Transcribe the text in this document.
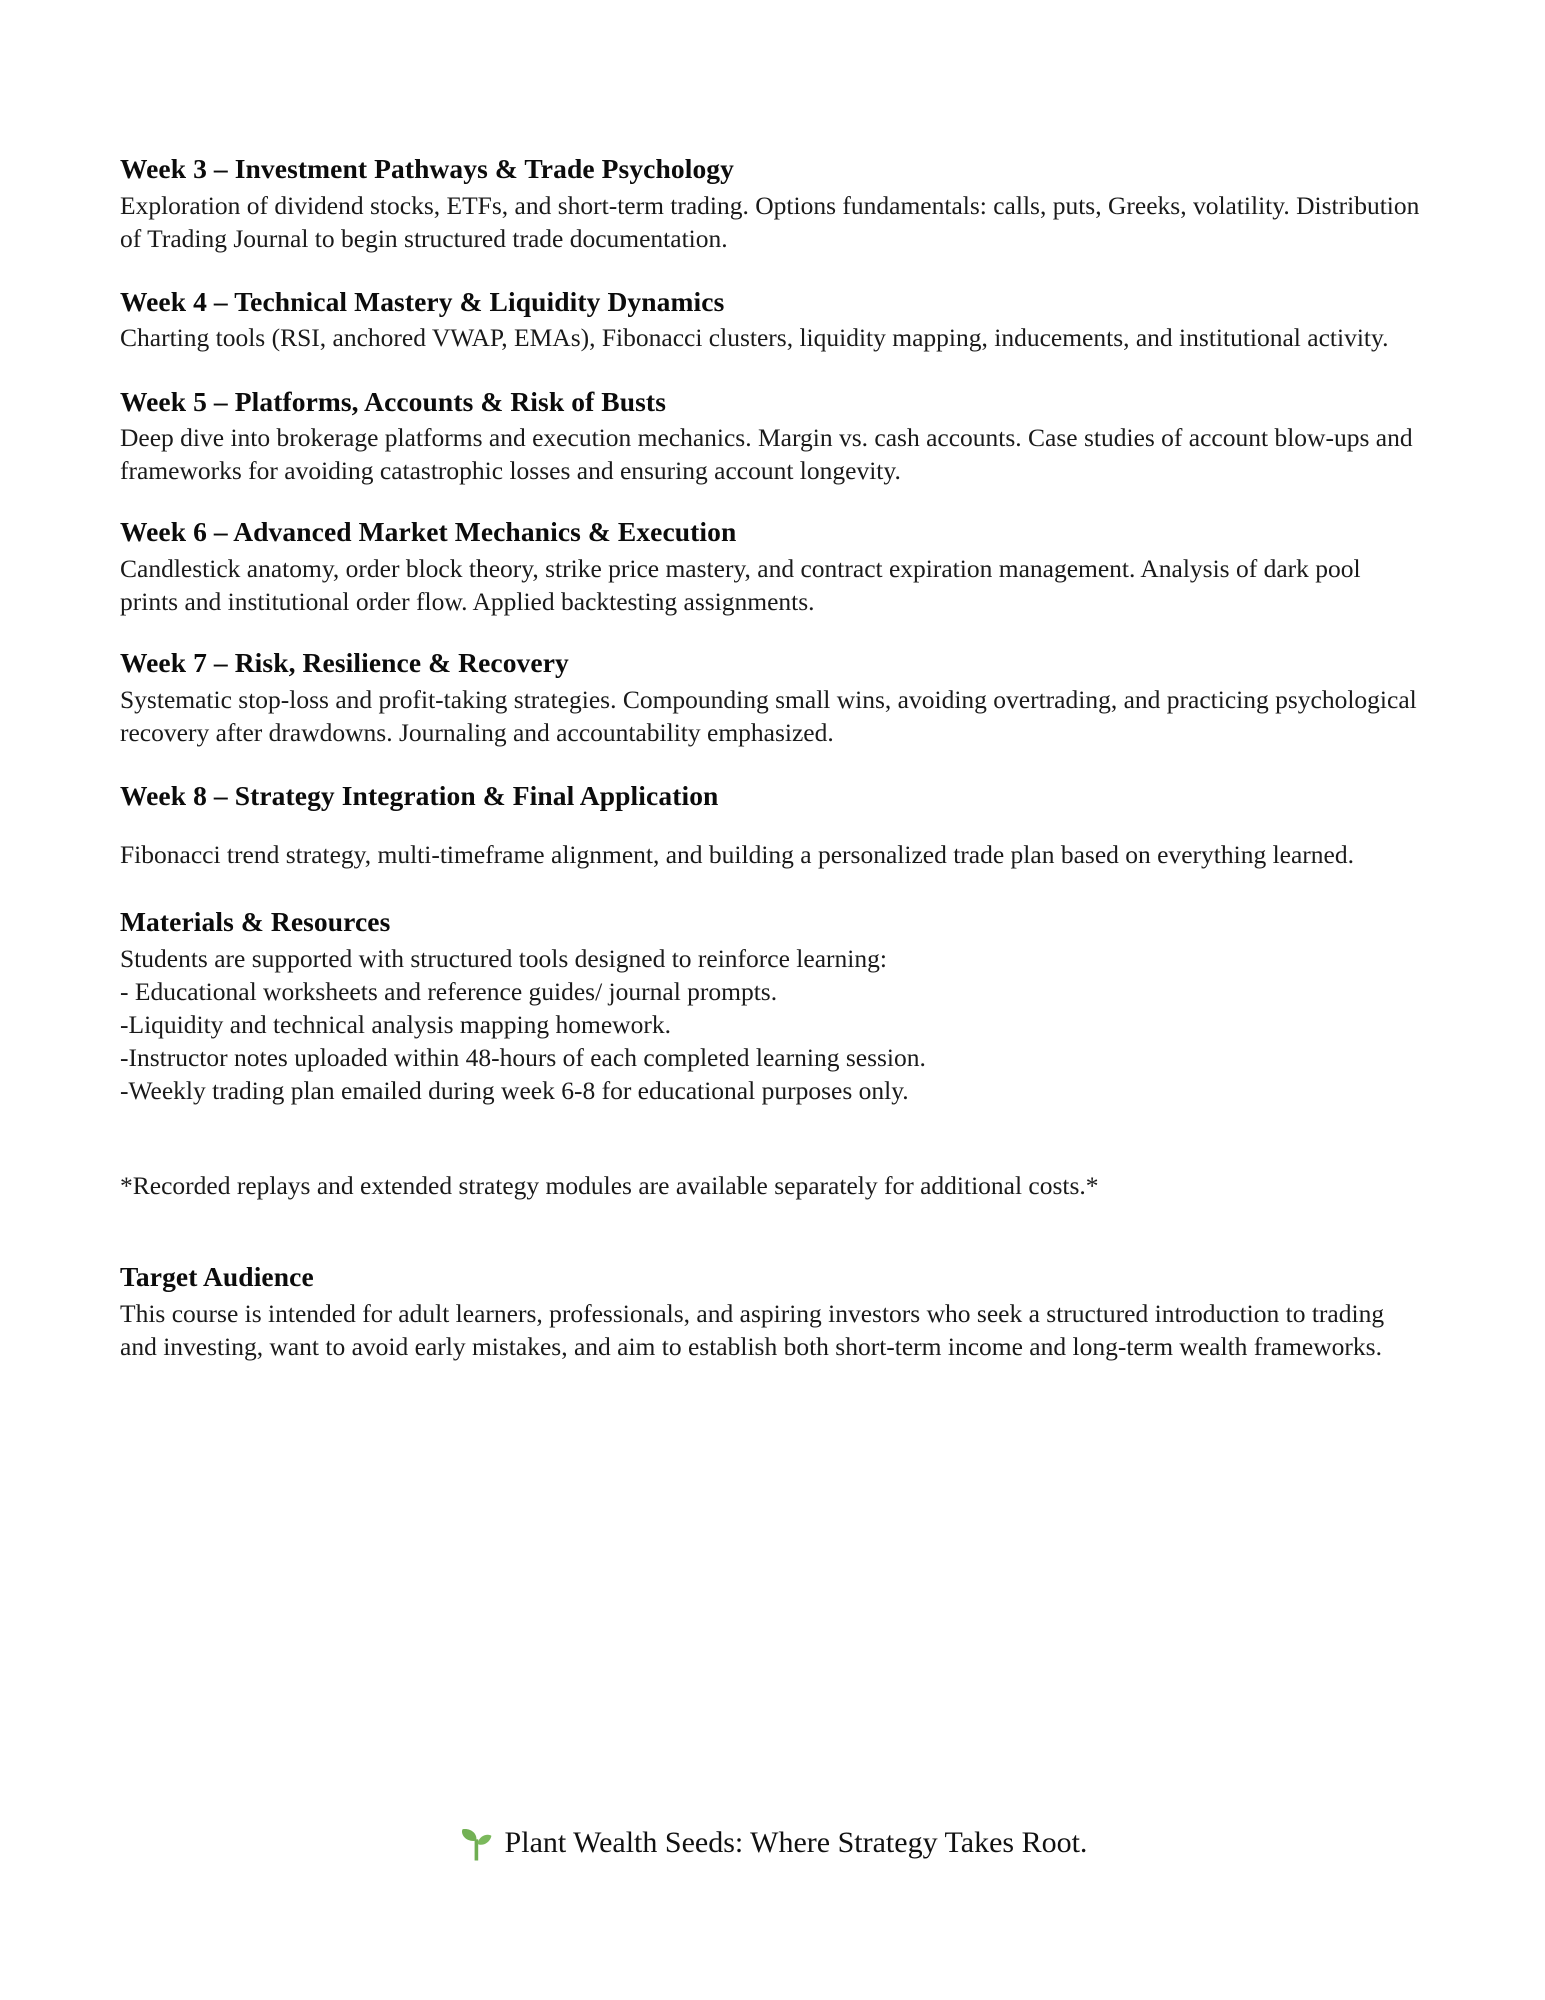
Week 3 – Investment Pathways & Trade Psychology

Exploration of dividend stocks, ETFs, and short-term trading. Options fundamentals: calls, puts, Greeks, volatility. Distribution of Trading Journal to begin structured trade documentation.

Week 4 – Technical Mastery & Liquidity Dynamics

Charting tools (RSI, anchored VWAP, EMAs), Fibonacci clusters, liquidity mapping, inducements, and institutional activity.

Week 5 – Platforms, Accounts & Risk of Busts

Deep dive into brokerage platforms and execution mechanics. Margin vs. cash accounts. Case studies of account blow-ups and frameworks for avoiding catastrophic losses and ensuring account longevity.

Week 6 – Advanced Market Mechanics & Execution

Candlestick anatomy, order block theory, strike price mastery, and contract expiration management. Analysis of dark pool prints and institutional order flow. Applied backtesting assignments.

Week 7 – Risk, Resilience & Recovery

Systematic stop-loss and profit-taking strategies. Compounding small wins, avoiding overtrading, and practicing psychological recovery after drawdowns. Journaling and accountability emphasized.

Week 8 – Strategy Integration & Final Application

Fibonacci trend strategy, multi-timeframe alignment, and building a personalized trade plan based on everything learned.

Materials & Resources

Students are supported with structured tools designed to reinforce learning:

- Educational worksheets and reference guides/ journal prompts.
-Liquidity and technical analysis mapping homework.
-Instructor notes uploaded within 48-hours of each completed learning session.
-Weekly trading plan emailed during week 6-8 for educational purposes only.

*Recorded replays and extended strategy modules are available separately for additional costs.*

Target Audience

This course is intended for adult learners, professionals, and aspiring investors who seek a structured introduction to trading and investing, want to avoid early mistakes, and aim to establish both short-term income and long-term wealth frameworks.

Plant Wealth Seeds: Where Strategy Takes Root.
